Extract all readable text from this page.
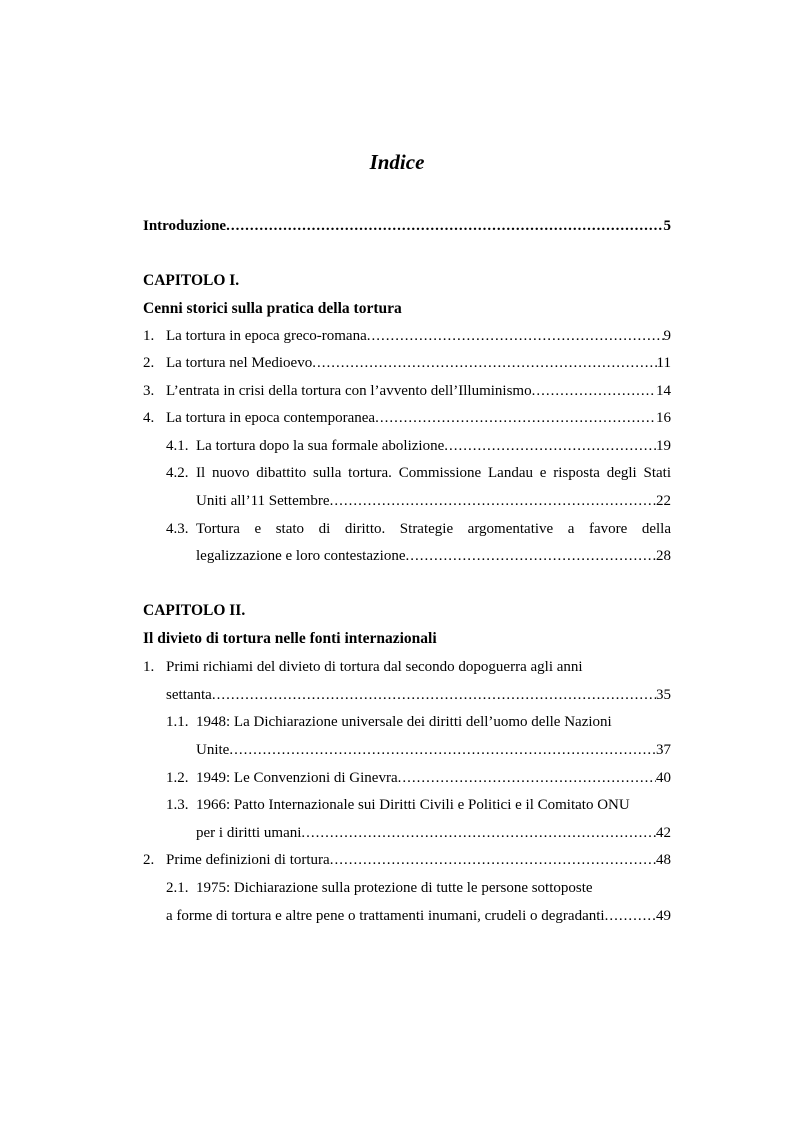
Indice
Introduzione .....	5
CAPITOLO I.
Cenni storici sulla pratica della tortura
1. La tortura in epoca greco-romana .....	9
2. La tortura nel Medioevo .....	11
3. L’entrata in crisi della tortura con l’avvento dell’Illuminismo .....	14
4. La tortura in epoca contemporanea .....	16
4.1. La tortura dopo la sua formale abolizione .....	19
4.2. Il nuovo dibattito sulla tortura. Commissione Landau e risposta degli Stati
Uniti all’11 Settembre .....	22
4.3. Tortura e stato di diritto. Strategie argomentative a favore della
legalizzazione e loro contestazione .....	28
CAPITOLO II.
Il divieto di tortura nelle fonti internazionali
1. Primi richiami del divieto di tortura dal secondo dopoguerra agli anni
settanta .....	35
1.1. 1948: La Dichiarazione universale dei diritti dell’uomo delle Nazioni
Unite .....	37
1.2. 1949: Le Convenzioni di Ginevra .....	40
1.3. 1966: Patto Internazionale sui Diritti Civili e Politici e il Comitato ONU
per i diritti umani .....	42
2. Prime definizioni di tortura .....	48
2.1. 1975: Dichiarazione sulla protezione di tutte le persone sottoposte
a forme di tortura e altre pene o trattamenti inumani, crudeli o degradanti .....	49
